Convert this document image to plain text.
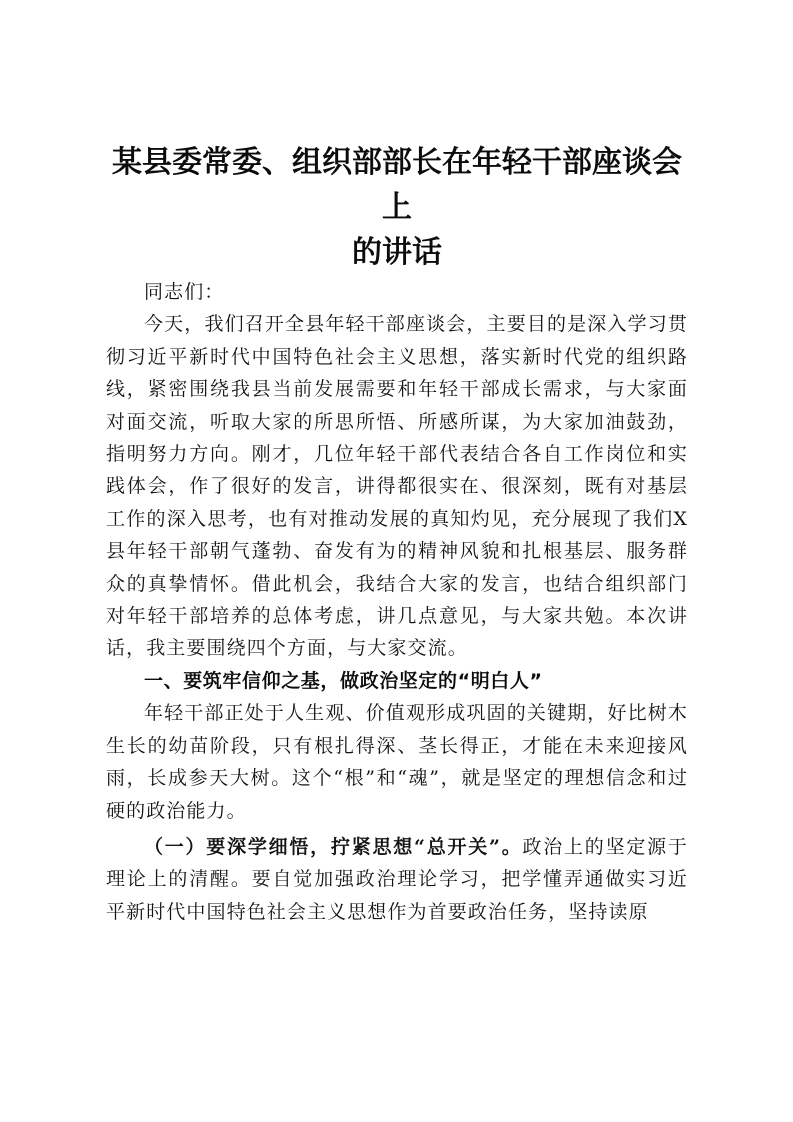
某县委常委、组织部部长在年轻干部座谈会上
的讲话

同志们：

今天，我们召开全县年轻干部座谈会，主要目的是深入学习贯彻习近平新时代中国特色社会主义思想，落实新时代党的组织路线，紧密围绕我县当前发展需要和年轻干部成长需求，与大家面对面交流，听取大家的所思所悟、所感所谋，为大家加油鼓劲，指明努力方向。刚才，几位年轻干部代表结合各自工作岗位和实践体会，作了很好的发言，讲得都很实在、很深刻，既有对基层工作的深入思考，也有对推动发展的真知灼见，充分展现了我们X县年轻干部朝气蓬勃、奋发有为的精神风貌和扎根基层、服务群众的真挚情怀。借此机会，我结合大家的发言，也结合组织部门对年轻干部培养的总体考虑，讲几点意见，与大家共勉。本次讲话，我主要围绕四个方面，与大家交流。

一、要筑牢信仰之基，做政治坚定的“明白人”

年轻干部正处于人生观、价值观形成巩固的关键期，好比树木生长的幼苗阶段，只有根扎得深、茎长得正，才能在未来迎接风雨，长成参天大树。这个“根”和“魂”，就是坚定的理想信念和过硬的政治能力。

（一）要深学细悟，拧紧思想“总开关”。政治上的坚定源于理论上的清醒。要自觉加强政治理论学习，把学懂弄通做实习近平新时代中国特色社会主义思想作为首要政治任务，坚持读原
